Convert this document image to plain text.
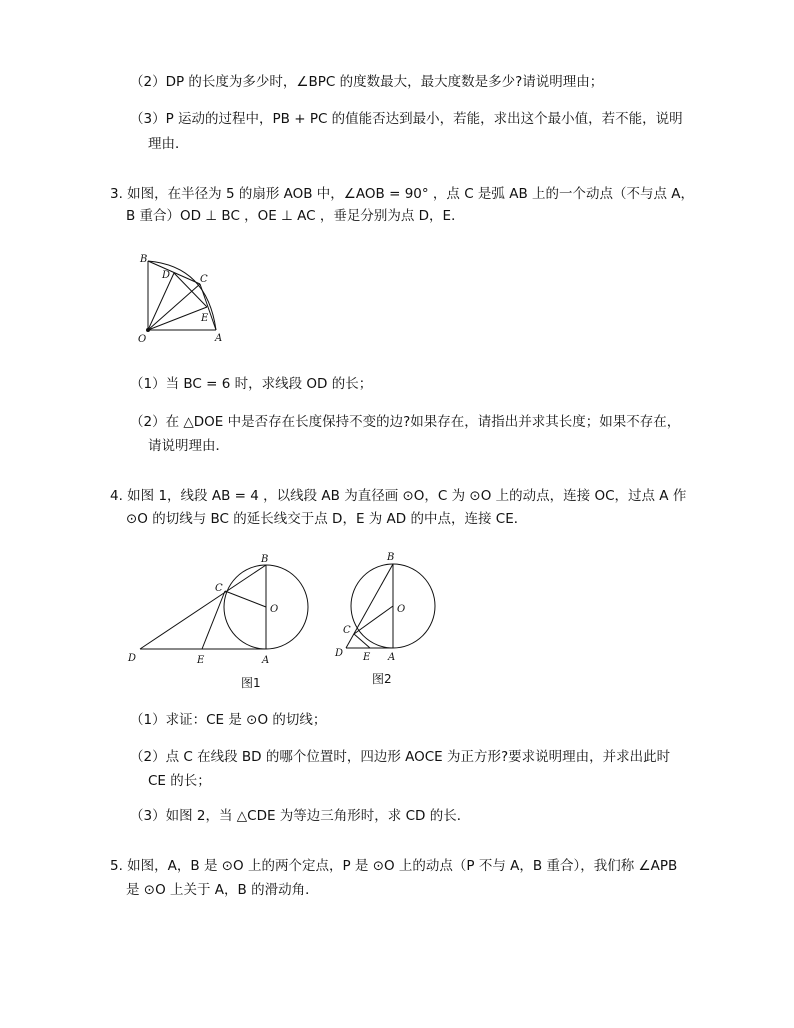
（2）DP 的长度为多少时，∠BPC 的度数最大，最大度数是多少?请说明理由；
（3）P 运动的过程中，PB + PC 的值能否达到最小，若能，求出这个最小值，若不能，说明
理由．
3. 如图，在半径为 5 的扇形 AOB 中，∠AOB = 90° ，点 C 是弧 AB 上的一个动点（不与点 A，
B 重合）OD ⊥ BC ，OE ⊥ AC ，垂足分别为点 D，E．
B
C
D
E
O	A
（1）当 BC = 6 时，求线段 OD 的长；
（2）在 △DOE 中是否存在长度保持不变的边?如果存在，请指出并求其长度；如果不存在，
请说明理由．
4. 如图 1，线段 AB = 4 ，以线段 AB 为直径画 ⊙O，C 为 ⊙O 上的动点，连接 OC，过点 A 作
⊙O 的切线与 BC 的延长线交于点 D，E 为 AD 的中点，连接 CE．
B
C
O
D	E	A
图1
B
C
O
D E A
图2
（1）求证：CE 是 ⊙O 的切线；
（2）点 C 在线段 BD 的哪个位置时，四边形 AOCE 为正方形?要求说明理由，并求出此时
CE 的长；
（3）如图 2，当 △CDE 为等边三角形时，求 CD 的长．
5. 如图，A，B 是 ⊙O 上的两个定点，P 是 ⊙O 上的动点（P 不与 A，B 重合），我们称 ∠APB
是 ⊙O 上关于 A，B 的滑动角．
